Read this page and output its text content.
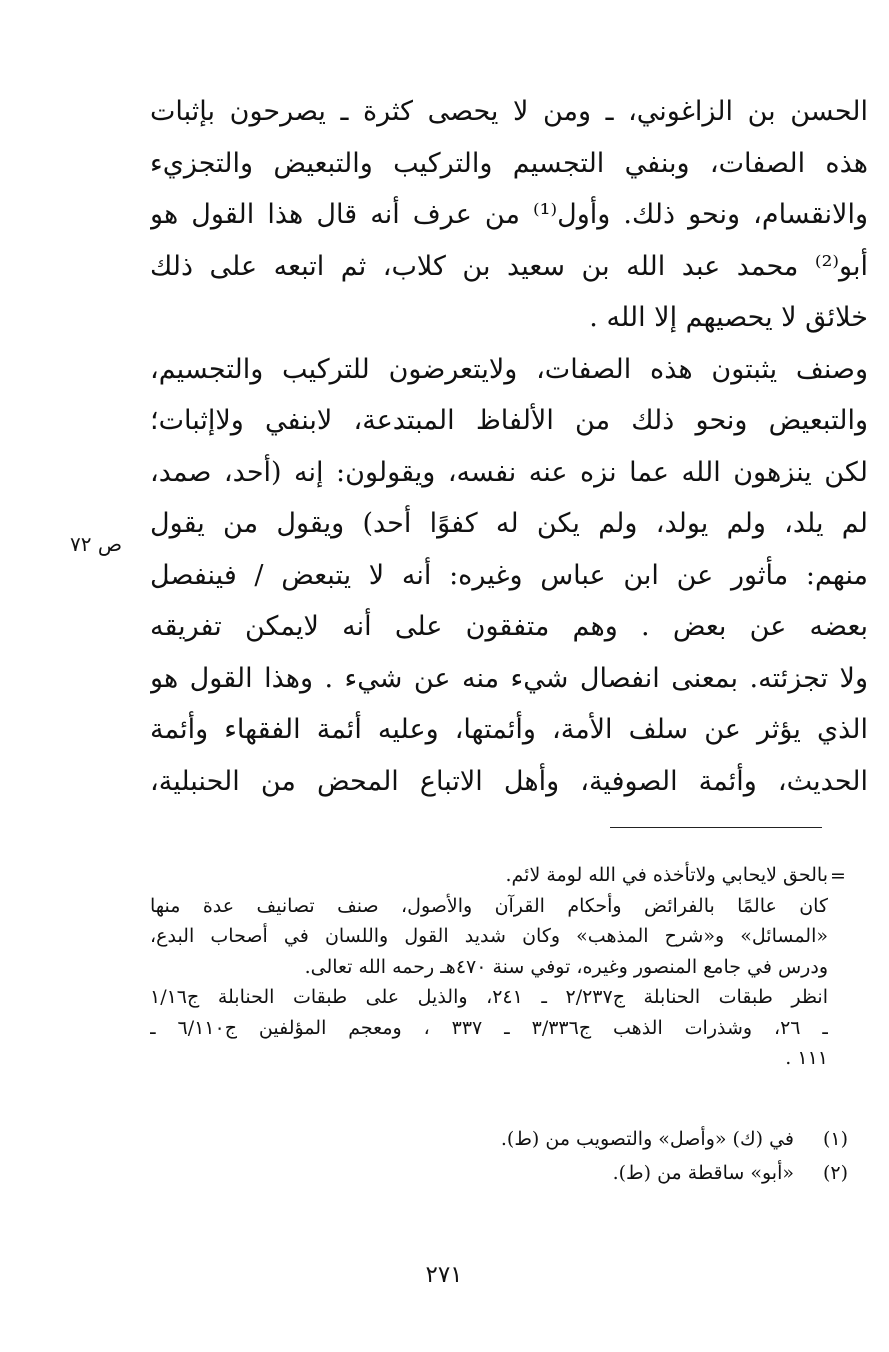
الحسن بن الزاغوني، ـ ومن لا يحصى كثرة ـ يصرحون بإثبات
هذه الصفات، وبنفي التجسيم والتركيب والتبعيض والتجزيء
والانقسام، ونحو ذلك. وأول⁽¹⁾ من عرف أنه قال هذا القول هو
أبو⁽²⁾ محمد عبد الله بن سعيد بن كلاب، ثم اتبعه على ذلك
خلائق لا يحصيهم إلا الله .
وصنف يثبتون هذه الصفات، ولايتعرضون للتركيب والتجسيم،
والتبعيض ونحو ذلك من الألفاظ المبتدعة، لابنفي ولاإثبات؛
لكن ينزهون الله عما نزه عنه نفسه، ويقولون: إنه (أحد، صمد،
لم يلد، ولم يولد، ولم يكن له كفوًا أحد) ويقول من يقول
منهم: مأثور عن ابن عباس وغيره: أنه لا يتبعض / فينفصل
بعضه عن بعض . وهم متفقون على أنه لايمكن تفريقه
ولا تجزئته. بمعنى انفصال شيء منه عن شيء . وهذا القول هو
الذي يؤثر عن سلف الأمة، وأئمتها، وعليه أئمة الفقهاء وأئمة
الحديث، وأئمة الصوفية، وأهل الاتباع المحض من الحنبلية،
ص ٧٢
=
بالحق لايحابي ولاتأخذه في الله لومة لائم.
كان عالمًا بالفرائض وأحكام القرآن والأصول، صنف تصانيف عدة منها
«المسائل» و«شرح المذهب» وكان شديد القول واللسان في أصحاب البدع،
ودرس في جامع المنصور وغيره، توفي سنة ٤٧٠هـ رحمه الله تعالى.
انظر طبقات الحنابلة ج٢/٢٣٧ ـ ٢٤١، والذيل على طبقات الحنابلة ج١/١٦
ـ ٢٦، وشذرات الذهب ج٣/٣٣٦ ـ ٣٣٧ ، ومعجم المؤلفين ج٦/١١٠ ـ
١١١ .
(١)في (ك) «وأصل» والتصويب من (ط).
(٢)«أبو» ساقطة من (ط).
٢٧١
